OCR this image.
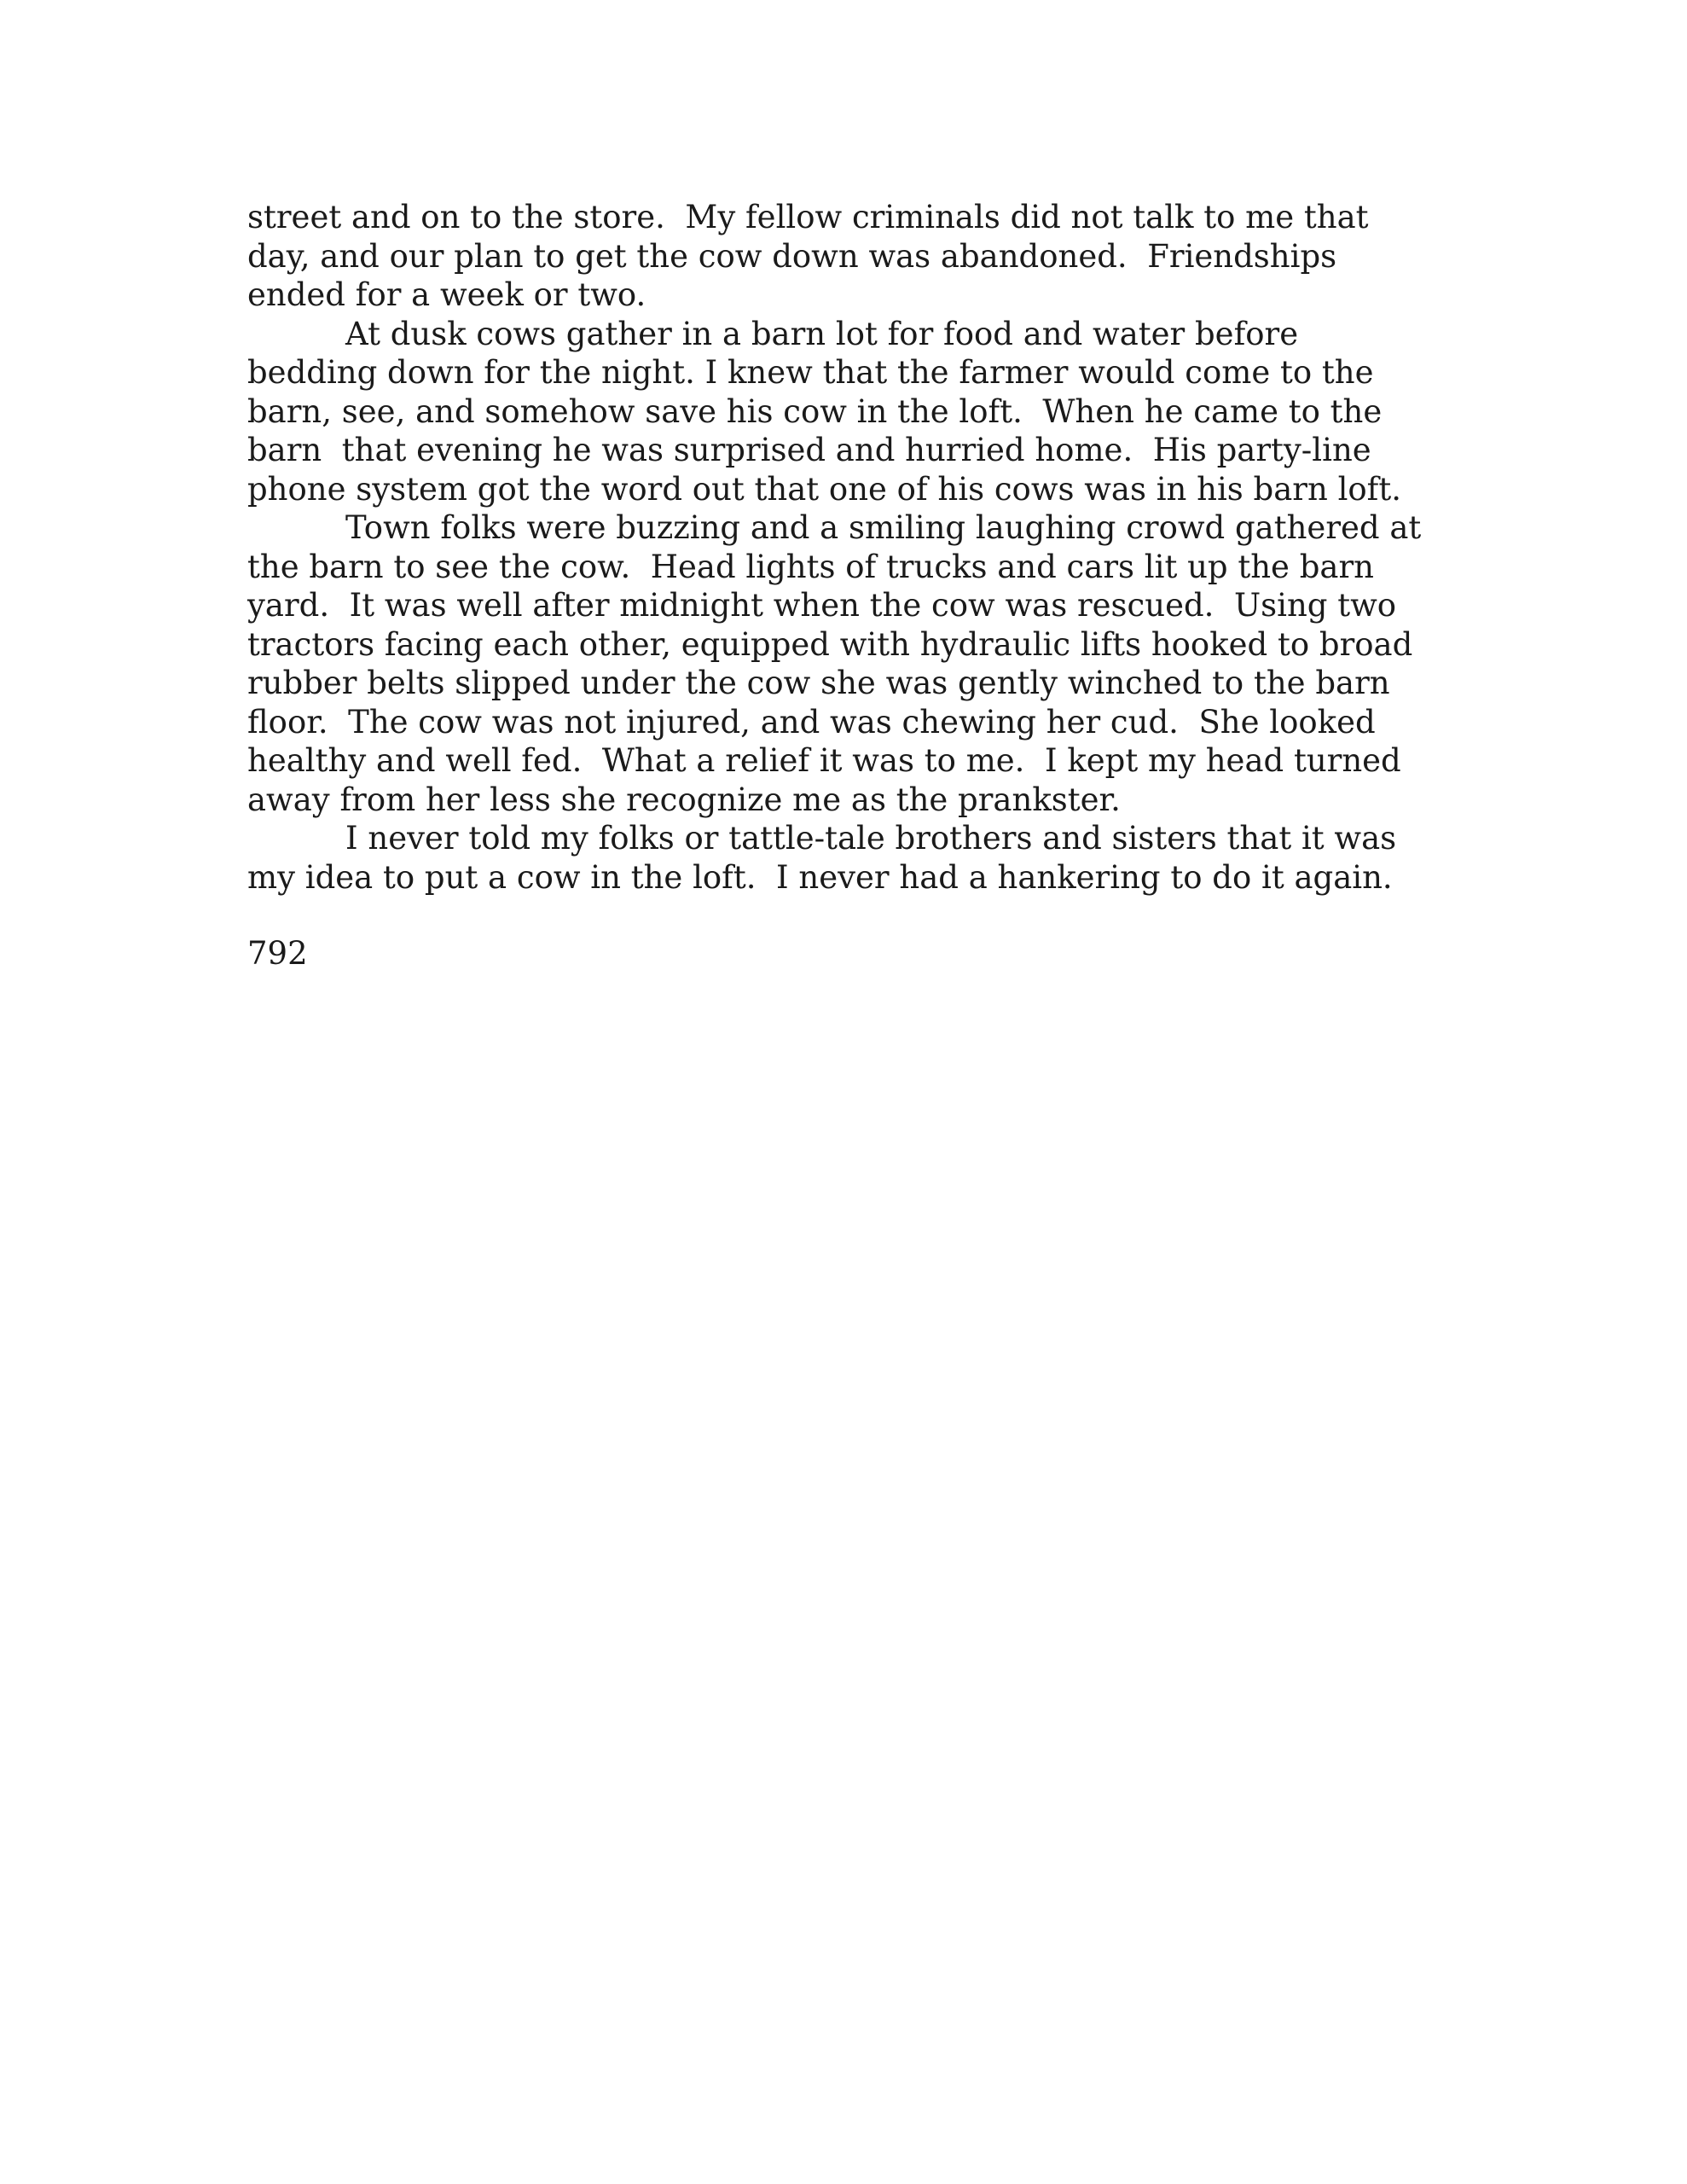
street and on to the store.  My fellow criminals did not talk to me that
day, and our plan to get the cow down was abandoned.  Friendships
ended for a week or two.
At dusk cows gather in a barn lot for food and water before
bedding down for the night. I knew that the farmer would come to the
barn, see, and somehow save his cow in the loft.  When he came to the
barn  that evening he was surprised and hurried home.  His party-line
phone system got the word out that one of his cows was in his barn loft.
Town folks were buzzing and a smiling laughing crowd gathered at
the barn to see the cow.  Head lights of trucks and cars lit up the barn
yard.  It was well after midnight when the cow was rescued.  Using two
tractors facing each other, equipped with hydraulic lifts hooked to broad
rubber belts slipped under the cow she was gently winched to the barn
floor.  The cow was not injured, and was chewing her cud.  She looked
healthy and well fed.  What a relief it was to me.  I kept my head turned
away from her less she recognize me as the prankster.
I never told my folks or tattle-tale brothers and sisters that it was
my idea to put a cow in the loft.  I never had a hankering to do it again.
792
